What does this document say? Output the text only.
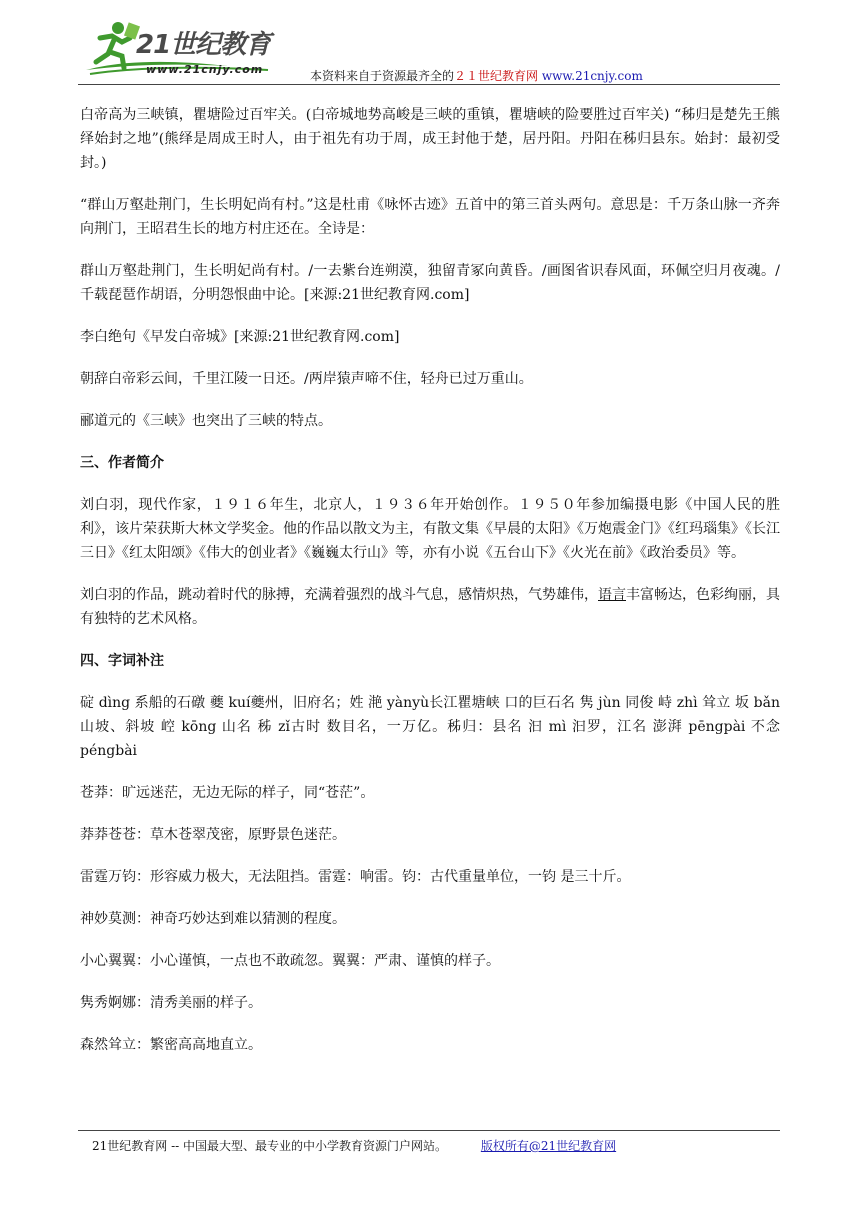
21世纪教育
www.21cnjy.com	本资料来自于资源最齐全的２１世纪教育网 www.21cnjy.com

白帝高为三峡镇，瞿塘险过百牢关。(白帝城地势高峻是三峡的重镇，瞿塘峡的险要胜过百牢关) “秭归是楚先王熊绎始封之地”(熊绎是周成王时人，由于祖先有功于周，成王封他于楚，居丹阳。丹阳在秭归县东。始封：最初受封。)

“群山万壑赴荆门，生长明妃尚有村。”这是杜甫《咏怀古迹》五首中的第三首头两句。意思是：千万条山脉一齐奔向荆门，王昭君生长的地方村庄还在。全诗是：

群山万壑赴荆门，生长明妃尚有村。/一去紫台连朔漠，独留青冢向黄昏。/画图省识春风面，环佩空归月夜魂。/千载琵琶作胡语，分明怨恨曲中论。[来源:21世纪教育网.com]

李白绝句《早发白帝城》[来源:21世纪教育网.com]

朝辞白帝彩云间，千里江陵一日还。/两岸猿声啼不住，轻舟已过万重山。

郦道元的《三峡》也突出了三峡的特点。

三、作者简介

刘白羽，现代作家，１９１６年生，北京人，１９３６年开始创作。１９５０年参加编摄电影《中国人民的胜利》，该片荣获斯大林文学奖金。他的作品以散文为主，有散文集《早晨的太阳》《万炮震金门》《红玛瑙集》《长江三日》《红太阳颂》《伟大的创业者》《巍巍太行山》等，亦有小说《五台山下》《火光在前》《政治委员》等。

刘白羽的作品，跳动着时代的脉搏，充满着强烈的战斗气息，感情炽热，气势雄伟，语言丰富畅达，色彩绚丽，具有独特的艺术风格。

四、字词补注

碇 dìng 系船的石礅 夔 kuí夔州，旧府名；姓 滟 yànyù长江瞿塘峡 口的巨石名 隽 jùn 同俊 峙 zhì 耸立 坂 bǎn 山坡、斜坡 崆 kōng 山名 秭 zǐ古时 数目名，一万亿。秭归：县名 汩 mì 汩罗，江名 澎湃 pēngpài 不念 péngbài

苍莽：旷远迷茫，无边无际的样子，同“苍茫”。

莽莽苍苍：草木苍翠茂密，原野景色迷茫。

雷霆万钧：形容威力极大，无法阻挡。雷霆：响雷。钧：古代重量单位，一钧 是三十斤。

神妙莫测：神奇巧妙达到难以猜测的程度。

小心翼翼：小心谨慎，一点也不敢疏忽。翼翼：严肃、谨慎的样子。

隽秀婀娜：清秀美丽的样子。

森然耸立：繁密高高地直立。

21世纪教育网 -- 中国最大型、最专业的中小学教育资源门户网站。	版权所有@21世纪教育网
